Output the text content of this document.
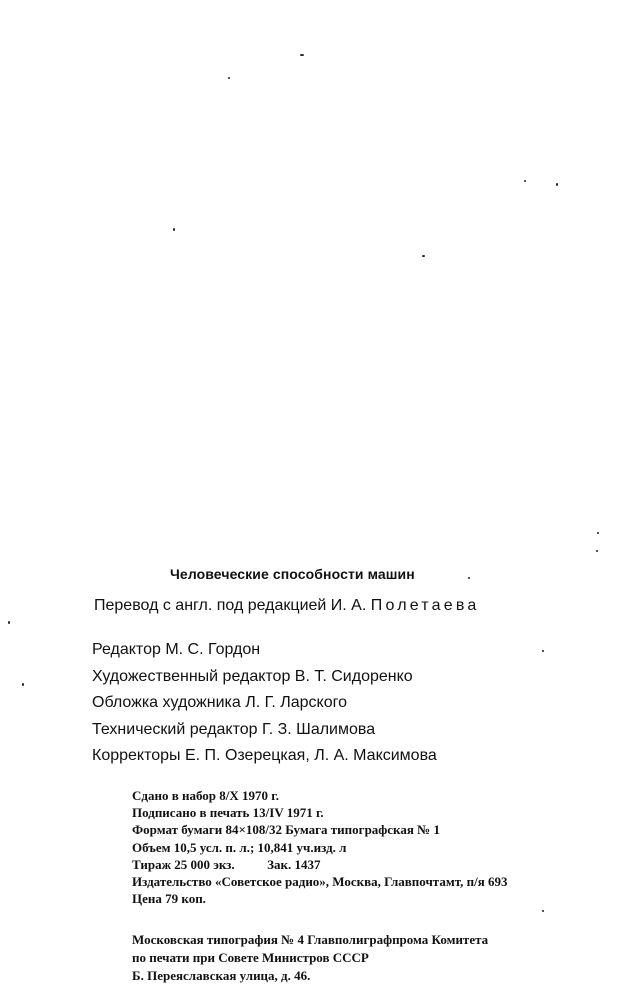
Человеческие способности машин
Перевод с англ. под редакцией И. А. Полетаева
Редактор М. С. Гордон
Художественный редактор В. Т. Сидоренко
Обложка художника Л. Г. Ларского
Технический редактор Г. З. Шалимова
Корректоры Е. П. Озерецкая, Л. А. Максимова
Сдано в набор 8/X 1970 г.
Подписано в печать 13/IV 1971 г.
Формат бумаги 84×108/32 Бумага типографская № 1
Объем 10,5 усл. п. л.; 10,841 уч.изд. л
Тираж 25 000 экз.          Зак. 1437
Издательство «Советское радио», Москва, Главпочтамт, п/я 693
Цена 79 коп.
Московская типография № 4 Главполиграфпрома Комитета
по печати при Совете Министров СССР
Б. Переяславская улица, д. 46.
